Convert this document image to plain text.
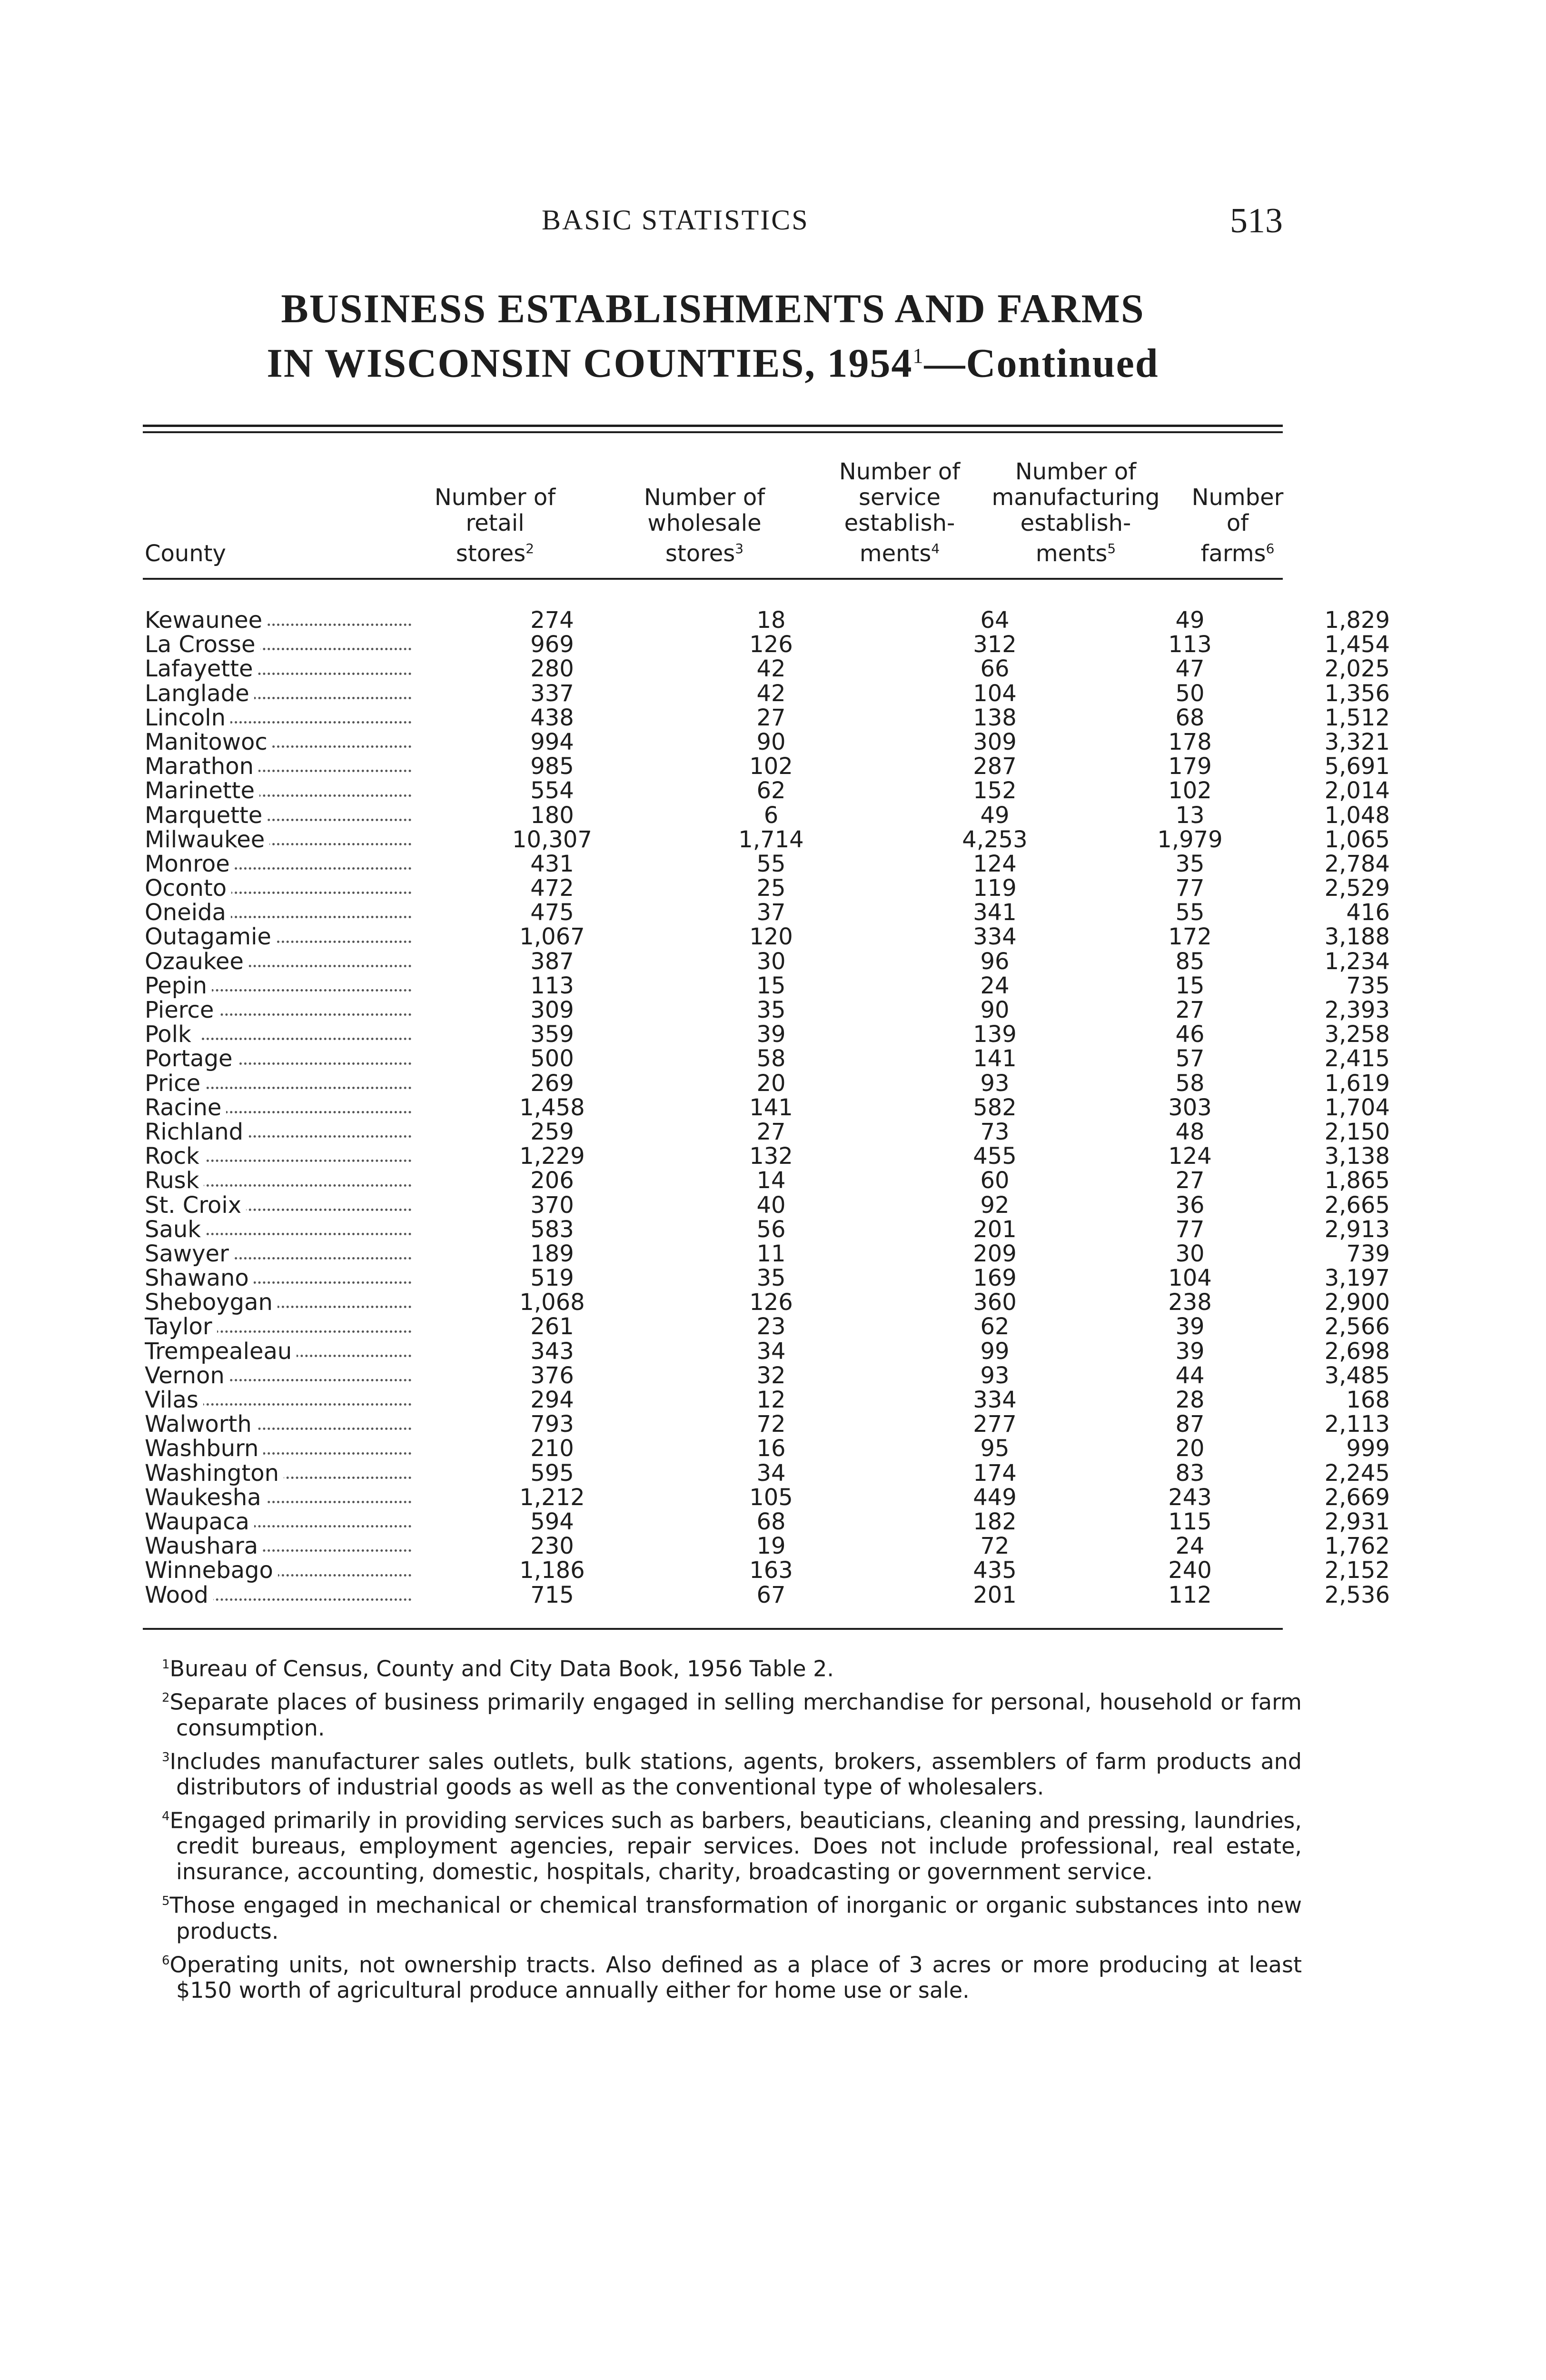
BASIC STATISTICS	513
BUSINESS ESTABLISHMENTS AND FARMS
IN WISCONSIN COUNTIES, 1954$^1$—Continued
County
Number of
retail
stores$^2$
Number of
wholesale
stores$^3$
Number of
service
establish-
ments$^4$
Number of
manufacturing
establish-
ments$^5$
Number
of
farms$^6$
Kewaunee	274	18	64	49	1,829
La Crosse	969	126	312	113	1,454
Lafayette	280	42	66	47	2,025
Langlade	337	42	104	50	1,356
Lincoln	438	27	138	68	1,512
Manitowoc	994	90	309	178	3,321
Marathon	985	102	287	179	5,691
Marinette	554	62	152	102	2,014
Marquette	180	6	49	13	1,048
Milwaukee	10,307	1,714	4,253	1,979	1,065
Monroe	431	55	124	35	2,784
Oconto	472	25	119	77	2,529
Oneida	475	37	341	55	416
Outagamie	1,067	120	334	172	3,188
Ozaukee	387	30	96	85	1,234
Pepin	113	15	24	15	735
Pierce	309	35	90	27	2,393
Polk	359	39	139	46	3,258
Portage	500	58	141	57	2,415
Price	269	20	93	58	1,619
Racine	1,458	141	582	303	1,704
Richland	259	27	73	48	2,150
Rock	1,229	132	455	124	3,138
Rusk	206	14	60	27	1,865
St. Croix	370	40	92	36	2,665
Sauk	583	56	201	77	2,913
Sawyer	189	11	209	30	739
Shawano	519	35	169	104	3,197
Sheboygan	1,068	126	360	238	2,900
Taylor	261	23	62	39	2,566
Trempealeau	343	34	99	39	2,698
Vernon	376	32	93	44	3,485
Vilas	294	12	334	28	168
Walworth	793	72	277	87	2,113
Washburn	210	16	95	20	999
Washington	595	34	174	83	2,245
Waukesha	1,212	105	449	243	2,669
Waupaca	594	68	182	115	2,931
Waushara	230	19	72	24	1,762
Winnebago	1,186	163	435	240	2,152
Wood	715	67	201	112	2,536
$^1$Bureau of Census, County and City Data Book, 1956 Table 2.
$^2$Separate places of business primarily engaged in selling merchandise for personal, household or farm consumption.
$^3$Includes manufacturer sales outlets, bulk stations, agents, brokers, assemblers of farm products and distributors of industrial goods as well as the conventional type of wholesalers.
$^4$Engaged primarily in providing services such as barbers, beauticians, cleaning and pressing, laundries, credit bureaus, employment agencies, repair services. Does not include professional, real estate, insurance, accounting, domestic, hospitals, charity, broadcasting or government service.
$^5$Those engaged in mechanical or chemical transformation of inorganic or organic substances into new products.
$^6$Operating units, not ownership tracts. Also defined as a place of 3 acres or more producing at least $150 worth of agricultural produce annually either for home use or sale.
